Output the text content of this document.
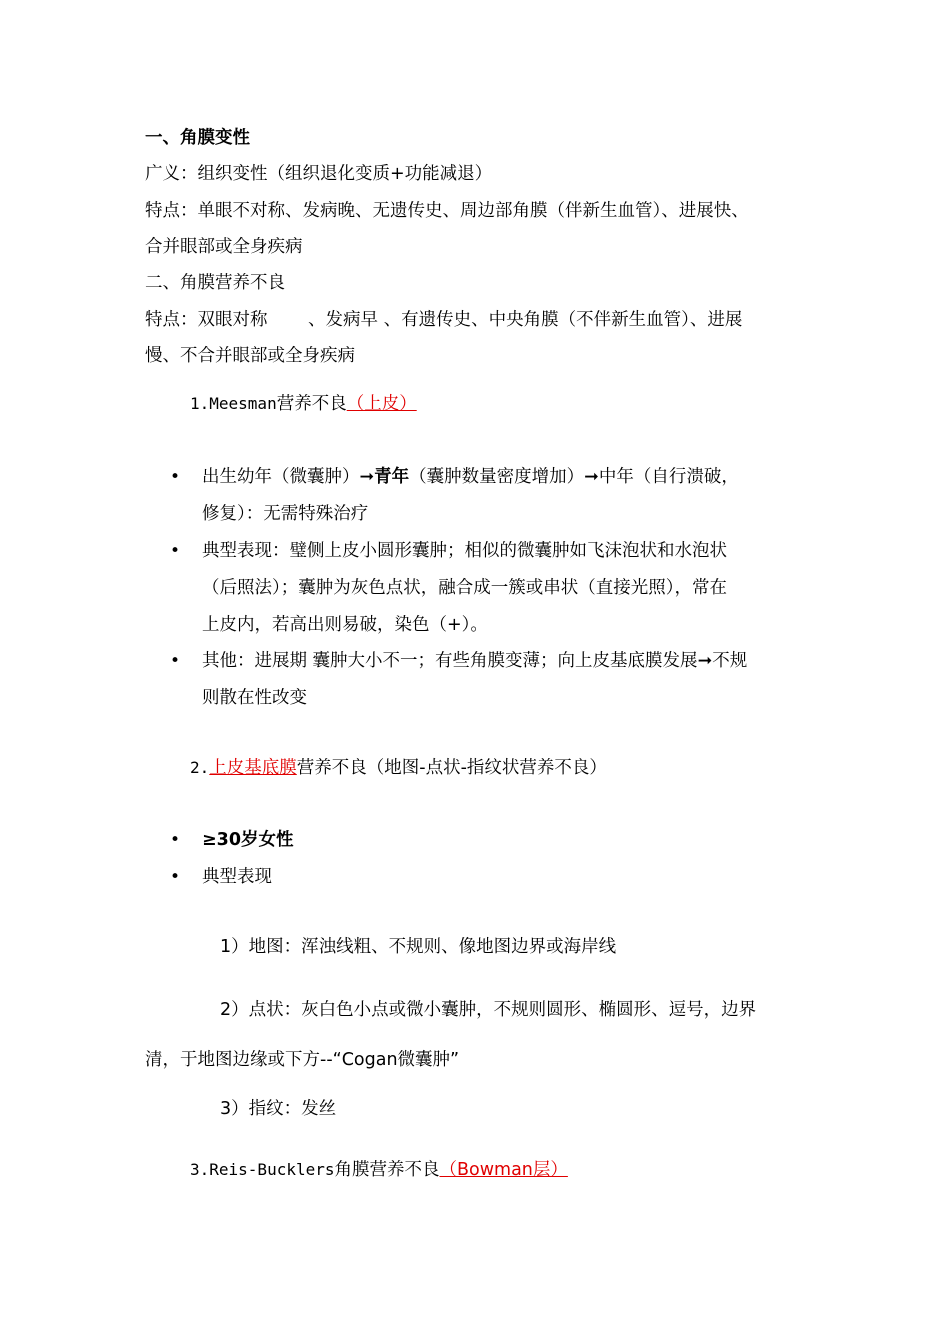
一、角膜变性
广义：组织变性（组织退化变质+功能减退）
特点：单眼不对称、发病晚、无遗传史、周边部角膜（伴新生血管）、进展快、
合并眼部或全身疾病
二、角膜营养不良
特点：双眼对称　　 、发病早 、有遗传史、中央角膜（不伴新生血管）、进展
慢、不合并眼部或全身疾病
1.Meesman营养不良（上皮）
• 出生幼年（微囊肿）➞青年（囊肿数量密度增加）➞中年（自行溃破，
修复）：无需特殊治疗
• 典型表现：璧侧上皮小圆形囊肿；相似的微囊肿如飞沫泡状和水泡状
（后照法）；囊肿为灰色点状，融合成一簇或串状（直接光照），常在
上皮内，若高出则易破，染色（+）。
• 其他：进展期 囊肿大小不一；有些角膜变薄；向上皮基底膜发展➞不规
则散在性改变
2.上皮基底膜营养不良（地图-点状-指纹状营养不良）
• ≥30岁女性
• 典型表现
1）地图：浑浊线粗、不规则、像地图边界或海岸线
2）点状：灰白色小点或微小囊肿，不规则圆形、椭圆形、逗号，边界
清，于地图边缘或下方--“Cogan微囊肿”
3）指纹：发丝
3.Reis-Bucklers角膜营养不良（Bowman层）
